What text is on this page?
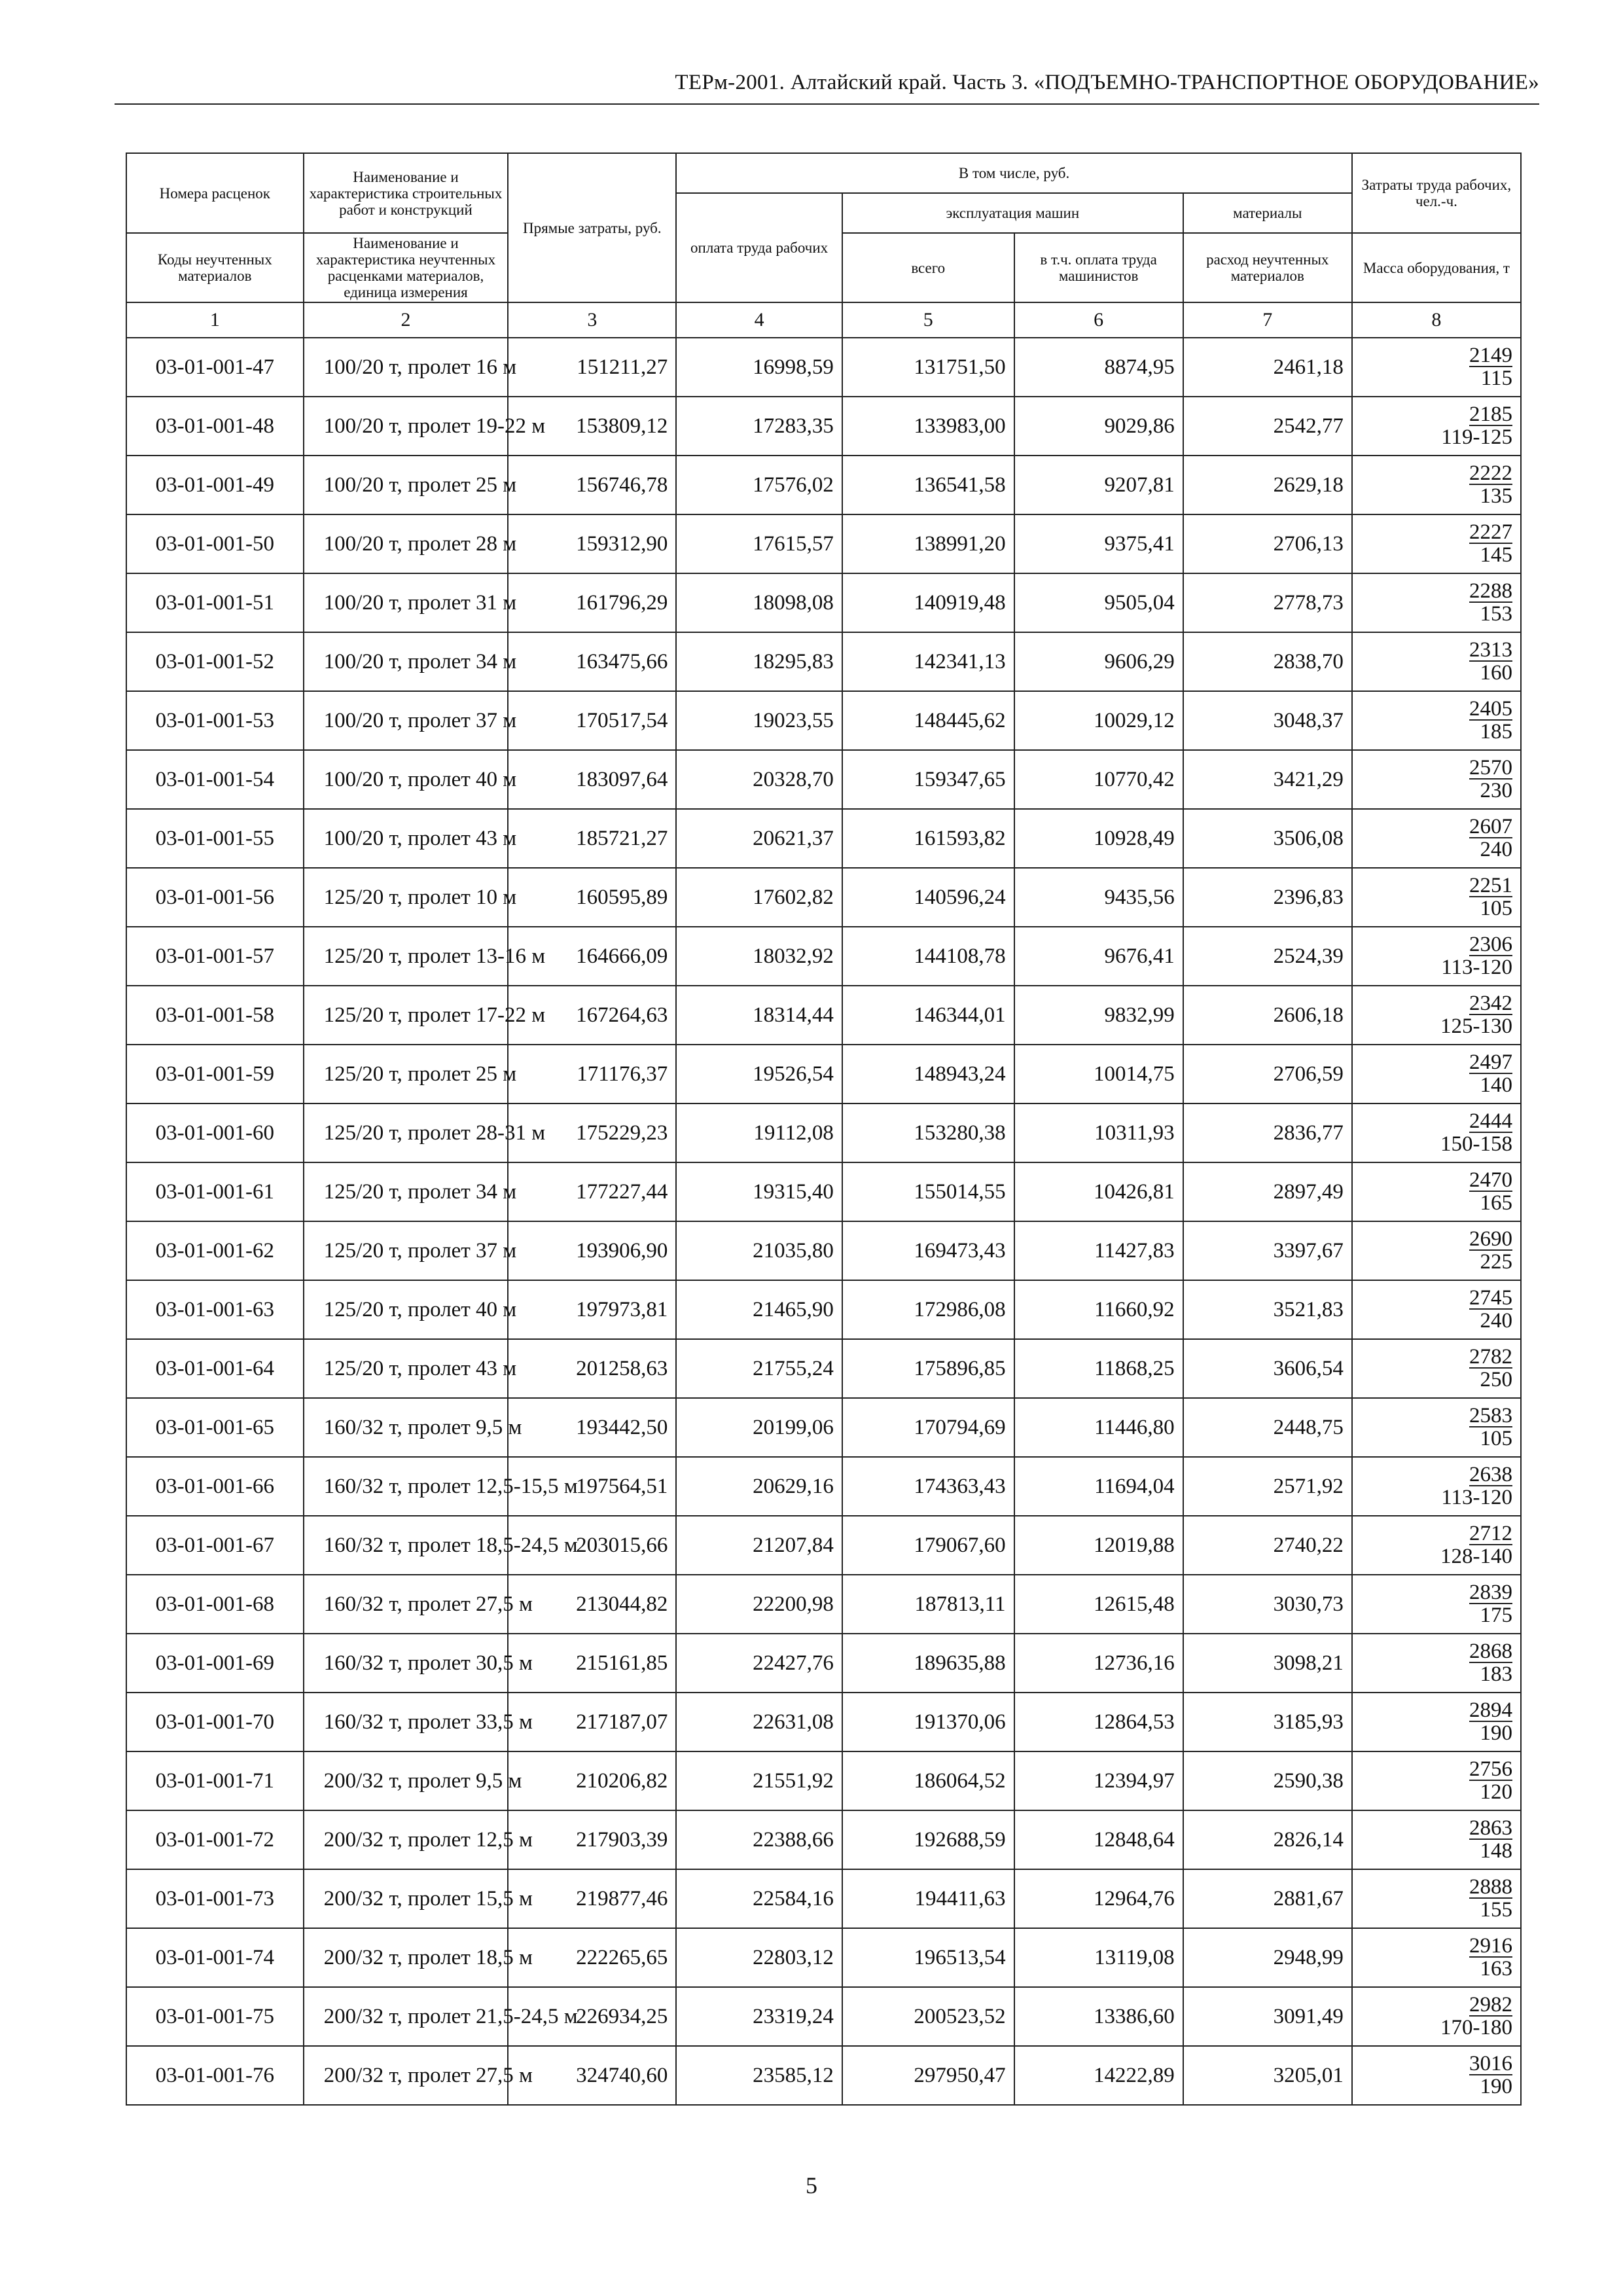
ТЕРм-2001. Алтайский край. Часть 3. «ПОДЪЕМНО-ТРАНСПОРТНОЕ ОБОРУДОВАНИЕ»
Номера расценок	Наименование и характеристика строительных работ и конструкций	Прямые затраты, руб.	В том числе, руб.				Затраты труда рабочих, чел.-ч.
			оплата труда рабочих	эксплуатация машин		материалы	
Коды неучтенных материалов	Наименование и характеристика неучтенных расценками материалов, единица измерения			всего	в т.ч. оплата труда машинистов	расход неучтенных материалов	Масса оборудования, т
1	2	3	4	5	6	7	8
03-01-001-47	100/20 т, пролет 16 м	151211,27	16998,59	131751,50	8874,95	2461,18	2149
115

03-01-001-48	100/20 т, пролет 19-22 м	153809,12	17283,35	133983,00	9029,86	2542,77	2185
119-125

03-01-001-49	100/20 т, пролет 25 м	156746,78	17576,02	136541,58	9207,81	2629,18	2222
135

03-01-001-50	100/20 т, пролет 28 м	159312,90	17615,57	138991,20	9375,41	2706,13	2227
145

03-01-001-51	100/20 т, пролет 31 м	161796,29	18098,08	140919,48	9505,04	2778,73	2288
153

03-01-001-52	100/20 т, пролет 34 м	163475,66	18295,83	142341,13	9606,29	2838,70	2313
160

03-01-001-53	100/20 т, пролет 37 м	170517,54	19023,55	148445,62	10029,12	3048,37	2405
185

03-01-001-54	100/20 т, пролет 40 м	183097,64	20328,70	159347,65	10770,42	3421,29	2570
230

03-01-001-55	100/20 т, пролет 43 м	185721,27	20621,37	161593,82	10928,49	3506,08	2607
240

03-01-001-56	125/20 т, пролет 10 м	160595,89	17602,82	140596,24	9435,56	2396,83	2251
105

03-01-001-57	125/20 т, пролет 13-16 м	164666,09	18032,92	144108,78	9676,41	2524,39	2306
113-120

03-01-001-58	125/20 т, пролет 17-22 м	167264,63	18314,44	146344,01	9832,99	2606,18	2342
125-130

03-01-001-59	125/20 т, пролет 25 м	171176,37	19526,54	148943,24	10014,75	2706,59	2497
140

03-01-001-60	125/20 т, пролет 28-31 м	175229,23	19112,08	153280,38	10311,93	2836,77	2444
150-158

03-01-001-61	125/20 т, пролет 34 м	177227,44	19315,40	155014,55	10426,81	2897,49	2470
165

03-01-001-62	125/20 т, пролет 37 м	193906,90	21035,80	169473,43	11427,83	3397,67	2690
225

03-01-001-63	125/20 т, пролет 40 м	197973,81	21465,90	172986,08	11660,92	3521,83	2745
240

03-01-001-64	125/20 т, пролет 43 м	201258,63	21755,24	175896,85	11868,25	3606,54	2782
250

03-01-001-65	160/32 т, пролет 9,5 м	193442,50	20199,06	170794,69	11446,80	2448,75	2583
105

03-01-001-66	160/32 т, пролет 12,5-15,5 м	197564,51	20629,16	174363,43	11694,04	2571,92	2638
113-120

03-01-001-67	160/32 т, пролет 18,5-24,5 м	203015,66	21207,84	179067,60	12019,88	2740,22	2712
128-140

03-01-001-68	160/32 т, пролет 27,5 м	213044,82	22200,98	187813,11	12615,48	3030,73	2839
175

03-01-001-69	160/32 т, пролет 30,5 м	215161,85	22427,76	189635,88	12736,16	3098,21	2868
183

03-01-001-70	160/32 т, пролет 33,5 м	217187,07	22631,08	191370,06	12864,53	3185,93	2894
190

03-01-001-71	200/32 т, пролет 9,5 м	210206,82	21551,92	186064,52	12394,97	2590,38	2756
120

03-01-001-72	200/32 т, пролет 12,5 м	217903,39	22388,66	192688,59	12848,64	2826,14	2863
148

03-01-001-73	200/32 т, пролет 15,5 м	219877,46	22584,16	194411,63	12964,76	2881,67	2888
155

03-01-001-74	200/32 т, пролет 18,5 м	222265,65	22803,12	196513,54	13119,08	2948,99	2916
163

03-01-001-75	200/32 т, пролет 21,5-24,5 м	226934,25	23319,24	200523,52	13386,60	3091,49	2982
170-180

03-01-001-76	200/32 т, пролет 27,5 м	324740,60	23585,12	297950,47	14222,89	3205,01	3016
190
5
